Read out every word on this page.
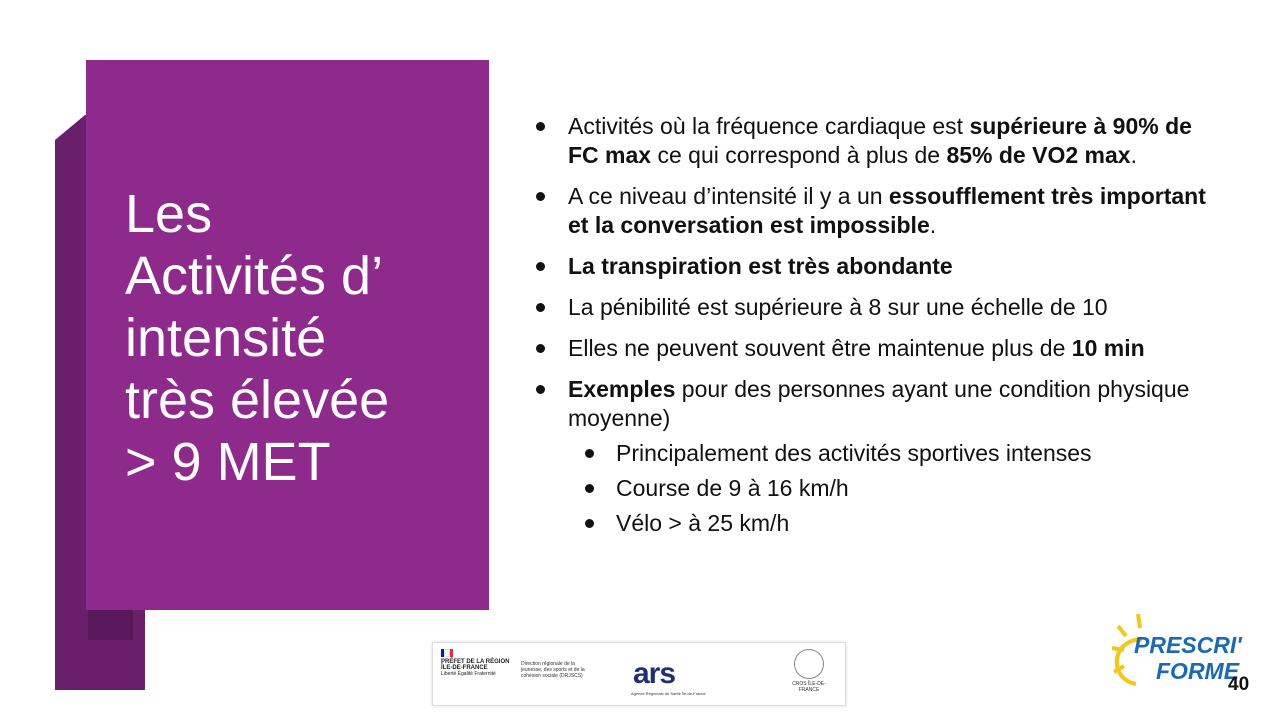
Les
Activités d’
intensité
très élevée
> 9 MET
Activités où la fréquence cardiaque est supérieure à 90% de FC max ce qui correspond à plus de 85% de VO2 max.
A ce niveau d’intensité il y a un essoufflement très important et la conversation est impossible.
La transpiration est très abondante
La pénibilité est supérieure à 8 sur une échelle de 10
Elles ne peuvent souvent être maintenue plus de 10 min
Exemples pour des personnes ayant une condition physique moyenne)
Principalement des activités sportives intenses
Course de 9 à 16 km/h
Vélo > à 25 km/h
PRÉFET DE LA RÉGION ÎLE-DE-FRANCE
Liberté Égalité Fraternité
Direction régionale de la jeunesse, des sports et de la cohésion sociale (DRJSCS)	ars
Agence Régionale de Santé Île-de-France
CROS ÎLE-DE-FRANCE
PRESCRI'
FORME
40
